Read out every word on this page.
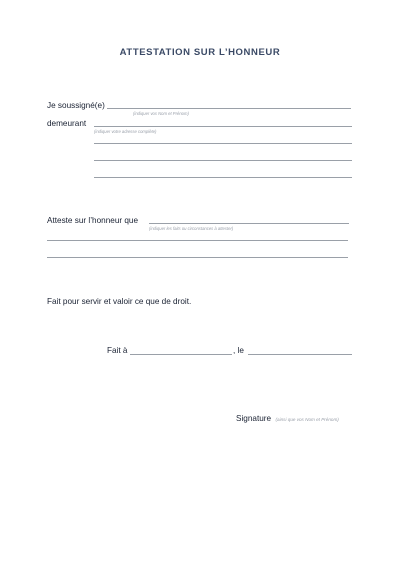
ATTESTATION SUR L’HONNEUR
Je soussigné(e)
(indiquer vos Nom et Prénom)
demeurant
(indiquer votre adresse complète)
Atteste sur l’honneur que
(indiquer les faits ou circonstances à attester)
Fait pour servir et valoir ce que de droit.
Fait à	, le
Signature (ainsi que vos Nom et Prénom)
